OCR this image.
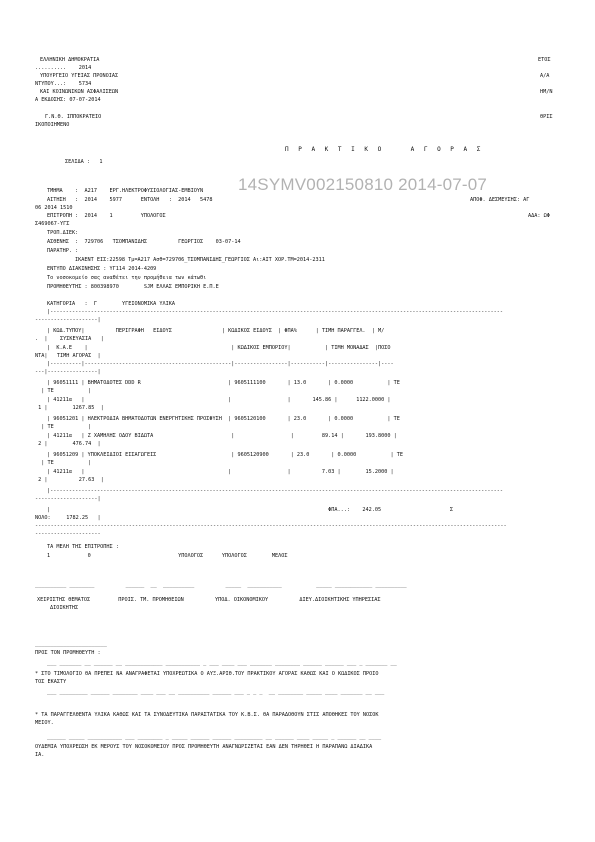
ΕΛΛΗΝΙΚΗ ΔΗΜΟΚΡΑΤΙΑ	ΕΤΟΣ
..........    2014
ΥΠΟΥΡΓΕΙΟ ΥΓΕΙΑΣ ΠΡΟΝΟΙΑΣ	Α/Α
ΝΤΥΠΟΥ...:    5734
ΚΑΙ ΚΟΙΝΩΝΙΚΩΝ ΑΣΦΑΛΙΣΕΩΝ	ΗΜ/Ν
Α ΕΚΔΟΣΗΣ: 07-07-2014
Γ.Ν.Θ. ΙΠΠΟΚΡΑΤΕΙΟ	ΘΡΙΣ
ΙΚΟΠΟΙΗΜΕΝΟ
Π Ρ Α Κ Τ Ι Κ Ο    Α Γ Ο Ρ Α Σ
ΣΕΛΙΔΑ :   1
14SYMV002150810 2014-07-07
ΤΜΗΜΑ    :  Α217    ΕΡΓ.ΗΛΕΚΤΡΟΦΥΣΙΟΛΟΓΙΑΣ-ΕΜΒΙΟΥΝ
ΑΙΤΗΣΗ   :  2014    5977      ΕΝΤΟΛΗ   :  2014   5478	ΑΠΟΦ. ΔΕΣΜΕΥΣΗΣ: ΑΓ
06 2014 1510
ΕΠΙΤΡΟΠΗ :  2014    1         ΥΠΟΛΟΓΟΣ	ΑΔΑ: ΩΦ
Σ469067-ΥΓΣ
ΤΡΟΠ.ΔΙΕΚ:
ΑΣΘΕΝΗΣ  :  729706   ΤΣΟΜΠΑΝΙΔΗΣ          ΓΕΩΡΓΙΟΣ    03-07-14
ΠΑΡΑΤΗΡ. :
ΙΚΑΕΝΤ ΕΙΣ:22598 Τμ=Α217 Ασθ=729706_ΤΣΟΜΠΑΝΙΔΗΣ_ΓΕΩΡΓΙΟΣ Αι:ΑΙΤ ΧΟΡ.ΤΜ=2014-2311
ΕΝΤΥΠΟ ΔΙΑΚΙΝΗΣΗΣ : ΥΓ114 2014-4209
Το νοσοκομείο σας αναθέτει την προμήθεια των κάτωθι
ΠΡΟΜΗΘΕΥΤΗΣ : 800398970        SJM ΕΛΛΑΣ ΕΜΠΟΡΙΚΗ Ε.Π.Ε
ΚΑΤΗΓΟΡΙΑ   :  Γ        ΥΓΕΙΟΝΟΜΙΚΑ ΥΛΙΚΑ
|-------------------------------------------------------------------------------------------------------------------------------------------------
--------------------|
| ΚΩΔ.ΤΥΠΟΥ|          ΠΕΡΙΓΡΑΦΗ   ΕΙΔΟΥΣ                | ΚΩΔΙΚΟΣ ΕΙΔΟΥΣ  | ΦΠΑ%      | ΤΙΜΗ ΠΑΡΑΓΓΕΛ.  | Μ/
.  |    ΣΥΣΚΕΥΑΣΙΑ   |
|  Κ.Α.Ε    |                                              | ΚΩΔΙΚΟΣ ΕΜΠΟΡΙΟΥ|           | ΤΙΜΗ ΜΟΝΑΔΑΣ  |ΠΟΣΟ
ΝΤΑ|   ΤΙΜΗ ΑΓΟΡΑΣ  |
|----------|-----------------------------------------------|-----------------|-----------|----------------|----
---|----------------|
| 96051111 | ΒΗΜΑΤΟΔΟΤΕΣ DDD R                            | 9605111100       | 13.0       | 0.0000           | ΤΕ
| ΤΕ           |
| 41211α   |                                              |                  |       145.86 |      1122.0000 |
1 |        1267.85  |
| 96051201 | ΗΛΕΚΤΡΟΔΙΑ ΒΗΜΑΤΟΔΟΤΩΝ ΕΝΕΡΓΗΤΙΚΗΣ ΠΡΟΣΦΥΣΗ  | 9605120100       | 23.0       | 0.0000           | ΤΕ
| ΤΕ           |
| 41211α   | Ζ ΧΑΜΗΛΗΣ ΟΔΟΥ ΒΙΔΩΤΑ                         |                  |         89.14 |       193.8000 |
2 |        476.74  |
| 96051209 | ΥΠΟΚΛΕΙΔΙΟΙ ΕΙΣΑΓΩΓΕΙΣ                        | 9605120900       | 23.0       | 0.0000           | ΤΕ
| ΤΕ           |
| 41211α   |                                              |                  |          7.03 |        15.2000 |
2 |          27.63  |
|-------------------------------------------------------------------------------------------------------------------------------------------------
--------------------|
|                                                                                         ΦΠΑ...:    242.05                      Σ
ΝΟΛΟ:     1782.25   |
-------------------------------------------------------------------------------------------------------------------------------------------------------
---------------------
ΤΑ ΜΕΛΗ ΤΗΣ ΕΠΙΤΡΟΠΗΣ :
1            0                            ΥΠΟΛΟΓΟΣ      ΥΠΟΛΟΓΟΣ        ΜΕΛΟΣ
__________ ________          ______  __  __________          _____  ___________           _____ ____________ __________
ΧΕΙΡΙΣΤΗΣ ΘΕΜΑΤΟΣ         ΠΡΟΙΣ. ΤΜ. ΠΡΟΜΗΘΕΙΩΝ          ΥΠΟΔ. ΟΙΚΟΝΟΜΙΚΟΥ          ΔΙΕΥ.ΔΙΟΙΚΗΤΙΚΗΣ ΥΠΗΡΕΣΙΑΣ
ΔΙΟΙΚΗΤΗΣ
_______________________
ΠΡΟΣ ΤΟΝ ΠΡΟΜΗΘΕΥΤΗ :
___ _______ __ ______ __ ____________ ___________ _ ___ ____ ___ _______ ________ ______ ______ ___ _ _______ __
* ΣΤΟ ΤΙΜΟΛΟΓΙΟ ΘΑ ΠΡΕΠΕΙ ΝΑ ΑΝΑΓΡΑΦΕΤΑΙ ΥΠΟΧΡΕΩΤΙΚΑ Ο ΑΥΞ.ΑΡΙΘ.ΤΟΥ ΠΡΑΚΤΙΚΟΥ ΑΓΟΡΑΣ ΚΑΘΩΣ ΚΑΙ Ο ΚΩΔΙΚΟΣ ΠΡΟΙΟ
ΤΟΣ ΕΚΑΣΤΥ
___ _________ ______ ________ ____ ___ __ __________ ______ ___ _ _ _  __ ________ _____ ____ _______ __ ___
* ΤΑ ΠΑΡΑΓΓΕΛΘΕΝΤΑ ΥΛΙΚΑ ΚΑΘΩΣ ΚΑΙ ΤΑ ΣΥΝΟΔΕΥΤΙΚΑ ΠΑΡΑΣΤΑΤΙΚΑ ΤΟΥ Κ.Β.Σ. ΘΑ ΠΑΡΑΔΟΘΟΥΝ ΣΤΙΣ ΑΠΟΘΗΚΕΣ ΤΟΥ ΝΟΣΟΚ
ΜΕΙΟΥ.
______ _____ ___________ ___ ________ _ _____ ______ ______ _________ __ ______ ____ _____ _ ______ __ ____
ΟΥΔΕΜΙΑ ΥΠΟΧΡΕΩΣΗ ΕΚ ΜΕΡΟΥΣ ΤΟΥ ΝΟΣΟΚΟΜΕΙΟΥ ΠΡΟΣ ΠΡΟΜΗΘΕΥΤΗ ΑΝΑΓΝΩΡΙΖΕΤΑΙ ΕΑΝ ΔΕΝ ΤΗΡΗΘΕΙ Η ΠΑΡΑΠΑΝΩ ΔΙΑΔΙΚΑ
ΙΑ.
